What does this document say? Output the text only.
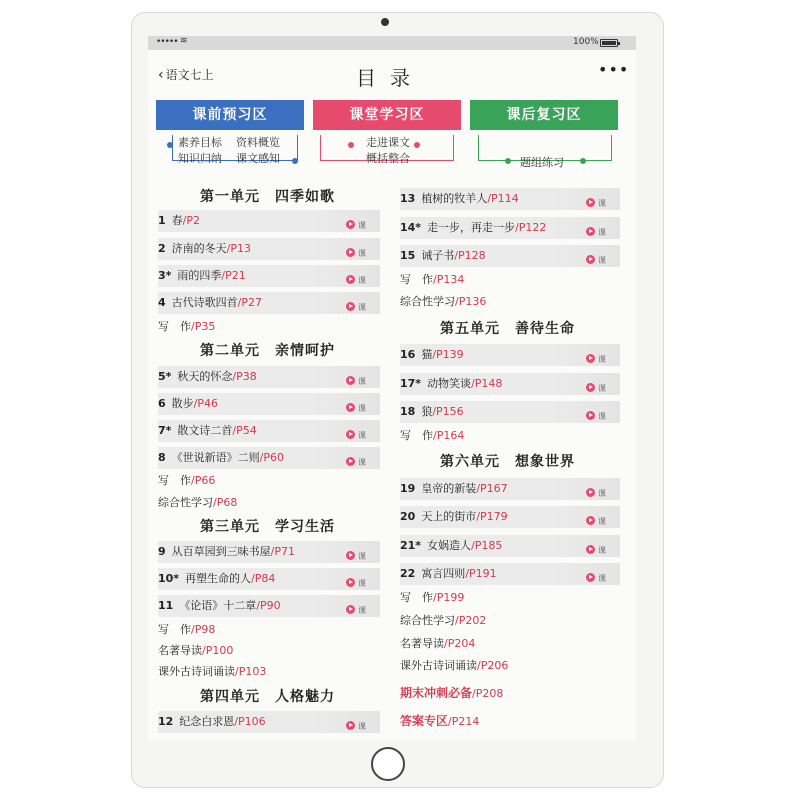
••••• ≋	100%
‹ 语文七上	目录	•••
课前预习区	课堂学习区	课后复习区
素养目标 资料概览
知识归纳 课文感知
走进课文
概括整合	题组练习
第一单元　四季如歌
1 春/P2	课
2 济南的冬天/P13	课
3* 雨的四季/P21	课
4 古代诗歌四首/P27	课
写　作/P35
第二单元　亲情呵护
5* 秋天的怀念/P38	课
6 散步/P46	课
7* 散文诗二首/P54	课
8 《世说新语》二则/P60	课
写　作/P66
综合性学习/P68
第三单元　学习生活
9 从百草园到三味书屋/P71	课
10* 再塑生命的人/P84	课
11 《论语》十二章/P90	课
写　作/P98
名著导读/P100
课外古诗词诵读/P103
第四单元　人格魅力
12 纪念白求恩/P106	课
13 植树的牧羊人/P114	课
14* 走一步，再走一步/P122	课
15 诫子书/P128	课
写　作/P134
综合性学习/P136
第五单元　善待生命
16 猫/P139	课
17* 动物笑谈/P148	课
18 狼/P156	课
写　作/P164
第六单元　想象世界
19 皇帝的新装/P167	课
20 天上的街市/P179	课
21* 女娲造人/P185	课
22 寓言四则/P191	课
写　作/P199
综合性学习/P202
名著导读/P204
课外古诗词诵读/P206
期末冲刺必备/P208
答案专区/P214
